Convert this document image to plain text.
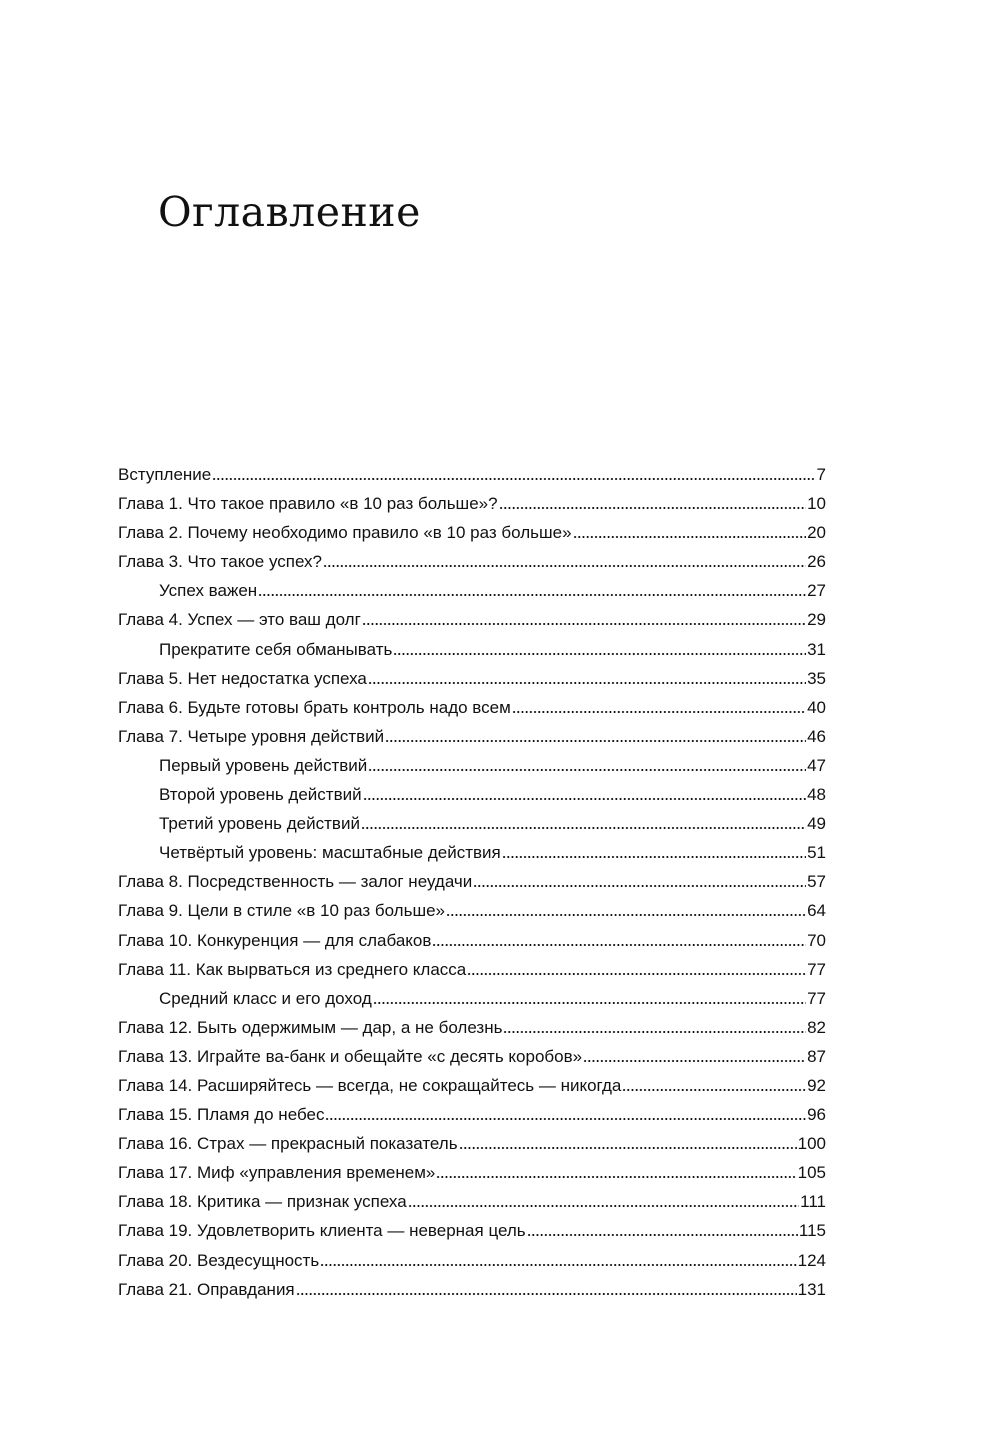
Оглавление
Вступление	7
Глава 1. Что такое правило «в 10 раз больше»?	10
Глава 2. Почему необходимо правило «в 10 раз больше»	20
Глава 3. Что такое успех?	26
Успех важен	27
Глава 4. Успех — это ваш долг	29
Прекратите себя обманывать	31
Глава 5. Нет недостатка успеха	35
Глава 6. Будьте готовы брать контроль надо всем	40
Глава 7. Четыре уровня действий	46
Первый уровень действий	47
Второй уровень действий	48
Третий уровень действий	49
Четвёртый уровень: масштабные действия	51
Глава 8. Посредственность — залог неудачи	57
Глава 9. Цели в стиле «в 10 раз больше»	64
Глава 10. Конкуренция — для слабаков	70
Глава 11. Как вырваться из среднего класса	77
Средний класс и его доход	77
Глава 12. Быть одержимым — дар, а не болезнь	82
Глава 13. Играйте ва-банк и обещайте «с десять коробов»	87
Глава 14. Расширяйтесь — всегда, не сокращайтесь — никогда	92
Глава 15. Пламя до небес	96
Глава 16. Страх — прекрасный показатель	100
Глава 17. Миф «управления временем»	105
Глава 18. Критика — признак успеха	111
Глава 19. Удовлетворить клиента — неверная цель	115
Глава 20. Вездесущность	124
Глава 21. Оправдания	131
